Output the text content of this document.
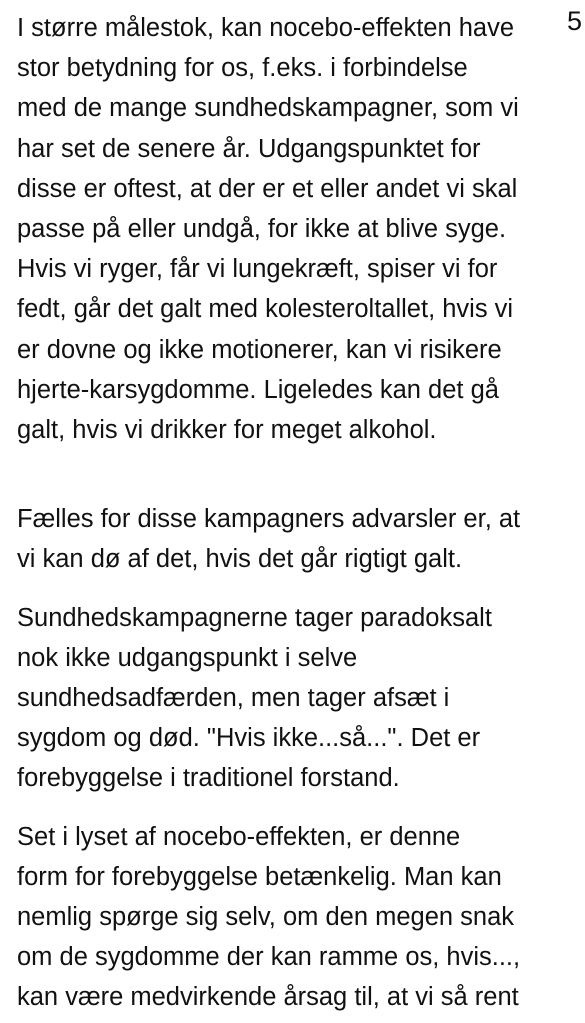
5

I større målestok, kan nocebo-effekten have
stor betydning for os, f.eks. i forbindelse
med de mange sundhedskampagner, som vi
har set de senere år. Udgangspunktet for
disse er oftest, at der er et eller andet vi skal
passe på eller undgå, for ikke at blive syge.
Hvis vi ryger, får vi lungekræft, spiser vi for
fedt, går det galt med kolesteroltallet, hvis vi
er dovne og ikke motionerer, kan vi risikere
hjerte-karsygdomme. Ligeledes kan det gå
galt, hvis vi drikker for meget alkohol.

Fælles for disse kampagners advarsler er, at
vi kan dø af det, hvis det går rigtigt galt.

Sundhedskampagnerne tager paradoksalt
nok ikke udgangspunkt i selve
sundhedsadfærden, men tager afsæt i
sygdom og død. "Hvis ikke...så...". Det er
forebyggelse i traditionel forstand.

Set i lyset af nocebo-effekten, er denne
form for forebyggelse betænkelig. Man kan
nemlig spørge sig selv, om den megen snak
om de sygdomme der kan ramme os, hvis...,
kan være medvirkende årsag til, at vi så rent
